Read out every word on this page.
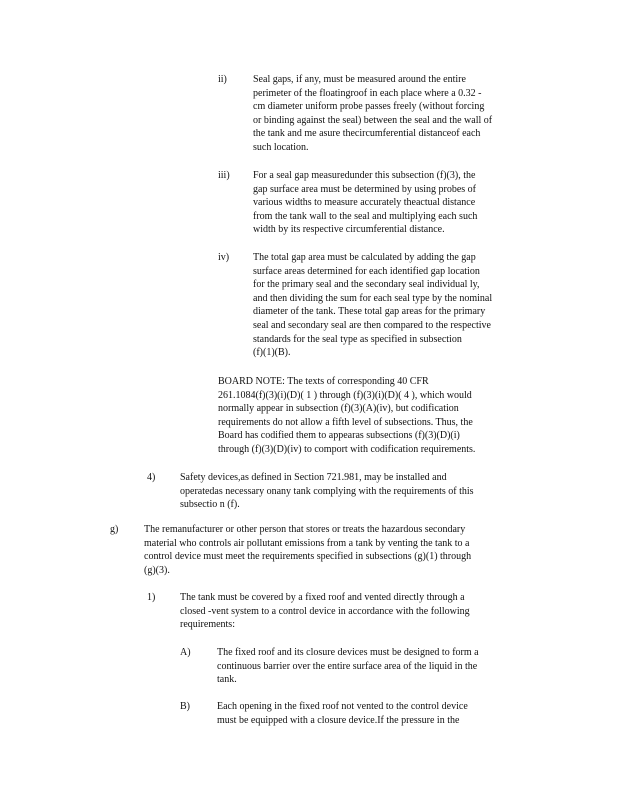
ii)	Seal gaps, if any, must be measured around the entire
perimeter of the floatingroof in each place where a 0.32 -
cm diameter uniform probe passes freely (without forcing
or binding against the seal) between the seal and the wall of
the tank and me asure thecircumferential distanceof each
such location.
iii) For a seal gap measuredunder this subsection (f)(3), the
gap surface area must be determined by using probes of
various widths to measure accurately theactual distance
from the tank wall to the seal and multiplying each such
width by its respective circumferential distance.
iv) The total gap area must be calculated by adding the gap
surface areas determined for each identified gap location
for the primary seal and the secondary seal individual ly,
and then dividing the sum for each seal type by the nominal
diameter of the tank. These total gap areas for the primary
seal and secondary seal are then compared to the respective
standards for the seal type as specified in subsection
(f)(1)(B).
BOARD NOTE: The texts of corresponding 40 CFR
261.1084(f)(3)(i)(D)( 1 ) through (f)(3)(i)(D)( 4 ), which would
normally appear in subsection (f)(3)(A)(iv), but codification
requirements do not allow a fifth level of subsections. Thus, the
Board has codified them to appearas subsections (f)(3)(D)(i)
through (f)(3)(D)(iv) to comport with codification requirements.
4) Safety devices,as defined in Section 721.981, may be installed and
operatedas necessary onany tank complying with the requirements of this
subsectio n (f).
g)	The remanufacturer or other person that stores or treats the hazardous secondary
material who controls air pollutant emissions from a tank by venting the tank to a
control device must meet the requirements specified in subsections (g)(1) through
(g)(3).
1) The tank must be covered by a fixed roof and vented directly through a
closed -vent system to a control device in accordance with the following
requirements:
A)	The fixed roof and its closure devices must be designed to form a
continuous barrier over the entire surface area of the liquid in the
tank.
B)	Each opening in the fixed roof not vented to the control device
must be equipped with a closure device.If the pressure in the
